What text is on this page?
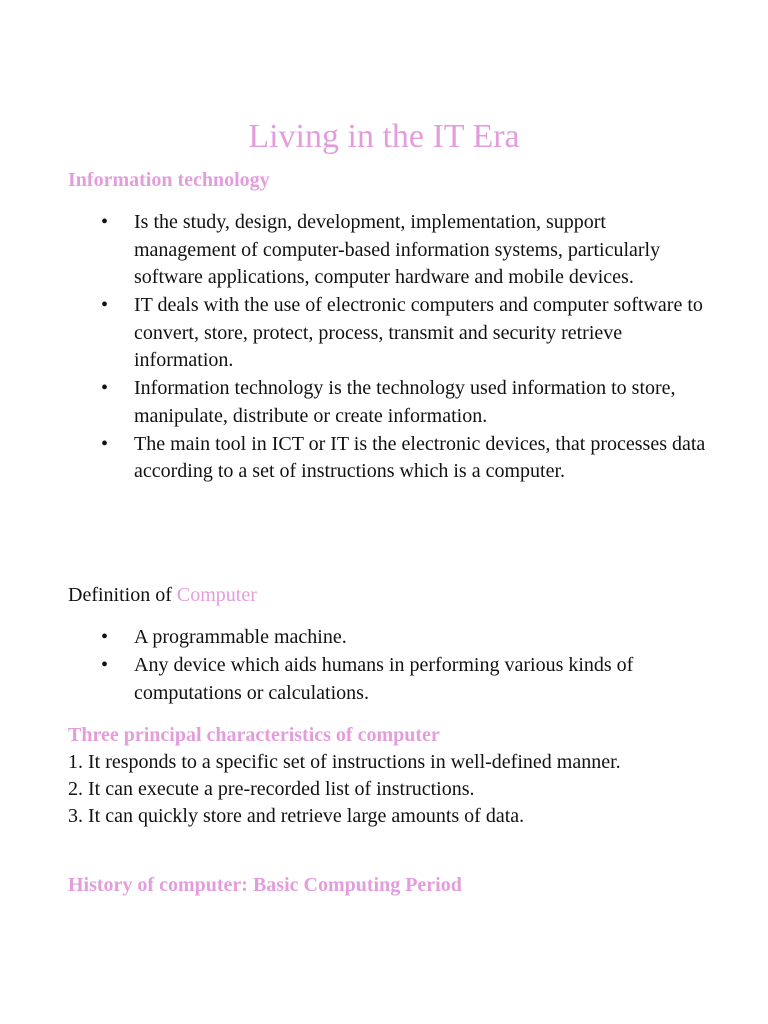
Living in the IT Era
Information technology
• Is the study, design, development, implementation, support management of computer-based information systems, particularly software applications, computer hardware and mobile devices.
• IT deals with the use of electronic computers and computer software to convert, store, protect, process, transmit and security retrieve information.
• Information technology is the technology used information to store, manipulate, distribute or create information.
• The main tool in ICT or IT is the electronic devices, that processes data according to a set of instructions which is a computer.

Definition of Computer

• A programmable machine.
• Any device which aids humans in performing various kinds of computations or calculations.
Three principal characteristics of computer
1. It responds to a specific set of instructions in well-defined manner.
2. It can execute a pre-recorded list of instructions.
3. It can quickly store and retrieve large amounts of data.
History of computer: Basic Computing Period
